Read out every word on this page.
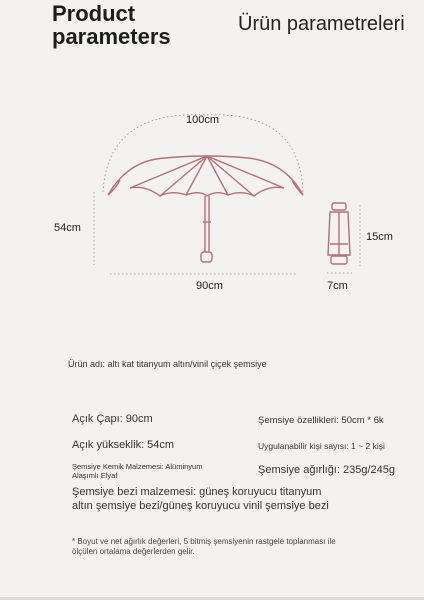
Product
parameters	Ürün parametreleri
100cm
54cm
90cm
15cm
7cm
Ürün adı: altı kat titanyum altın/vinil çiçek şemsiye
Açık Çapı: 90cm
Açık yükseklik: 54cm
Şemsiye Kemik Malzemesi: Alüminyum
Alaşımlı Elyaf
Şemsiye özellikleri: 50cm * 6k
Uygulanabilir kişi sayısı: 1 ~ 2 kişi
Şemsiye ağırlığı: 235g/245g
Şemsiye bezi malzemesi: güneş koruyucu titanyum
altın şemsiye bezi/güneş koruyucu vinil şemsiye bezi
* Boyut ve net ağırlık değerleri, 5 bitmiş şemsiyenin rastgele toplanması ile
ölçülen ortalama değerlerden gelir.
